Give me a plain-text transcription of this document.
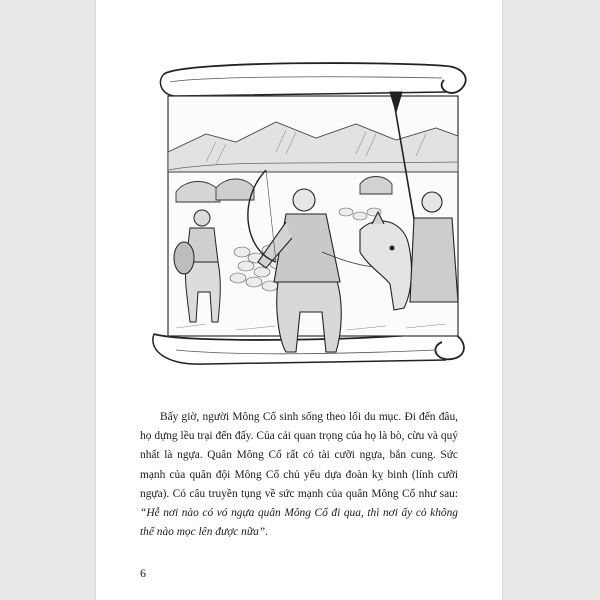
Bấy giờ, người Mông Cổ sinh sống theo lối du mục. Đi đến đâu, họ dựng lều trại đến đấy. Của cải quan trọng của họ là bò, cừu và quý nhất là ngựa. Quân Mông Cổ rất có tài cưỡi ngựa, bắn cung. Sức mạnh của quân đội Mông Cổ chủ yếu dựa đoàn kỵ binh (lính cưỡi ngựa). Có câu truyền tụng về sức mạnh của quân Mông Cổ như sau: “Hễ nơi nào có vó ngựa quân Mông Cổ đi qua, thì nơi ấy cỏ không thể nào mọc lên được nữa”.

6
